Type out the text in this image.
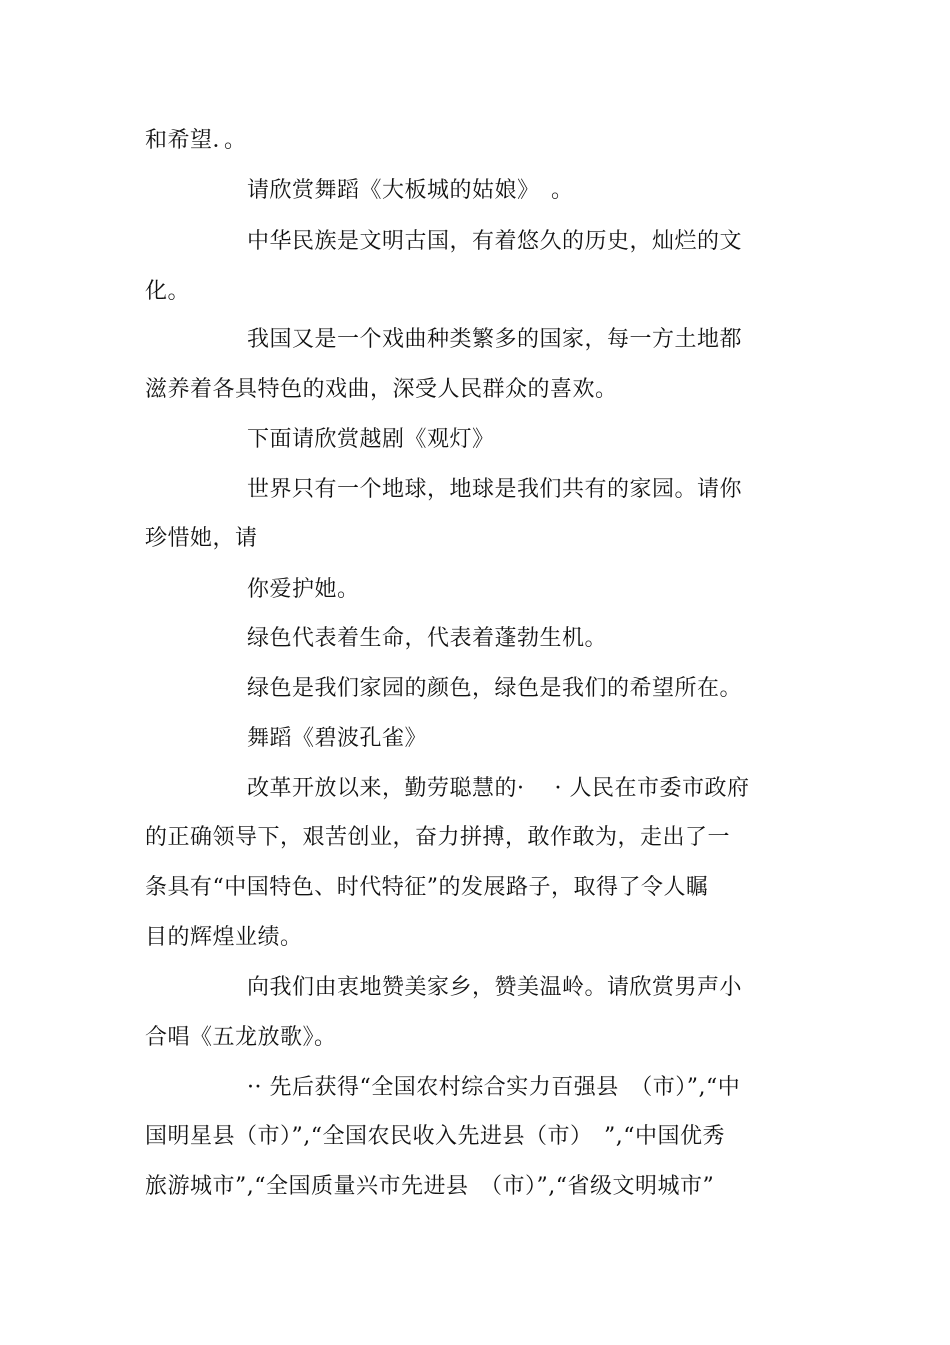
和希望．。
请欣赏舞蹈《大板城的姑娘》　。
中华民族是文明古国，有着悠久的历史，灿烂的文
化。
我国又是一个戏曲种类繁多的国家，每一方土地都
滋养着各具特色的戏曲，深受人民群众的喜欢。
下面请欣赏越剧《观灯》
世界只有一个地球，地球是我们共有的家园。请你
珍惜她，请
你爱护她。
绿色代表着生命，代表着蓬勃生机。
绿色是我们家园的颜色，绿色是我们的希望所在。
舞蹈《碧波孔雀》
改革开放以来，勤劳聪慧的·　 · 人民在市委市政府
的正确领导下，艰苦创业，奋力拼搏，敢作敢为，走出了一
条具有“中国特色、时代特征”的发展路子，取得了令人瞩
目的辉煌业绩。
向我们由衷地赞美家乡，赞美温岭。请欣赏男声小
合唱《五龙放歌》。
·· 先后获得“全国农村综合实力百强县　（市）”,“中
国明星县（市）”,“全国农民收入先进县（市）　”,“中国优秀
旅游城市”,“全国质量兴市先进县　（市）”,“省级文明城市”
